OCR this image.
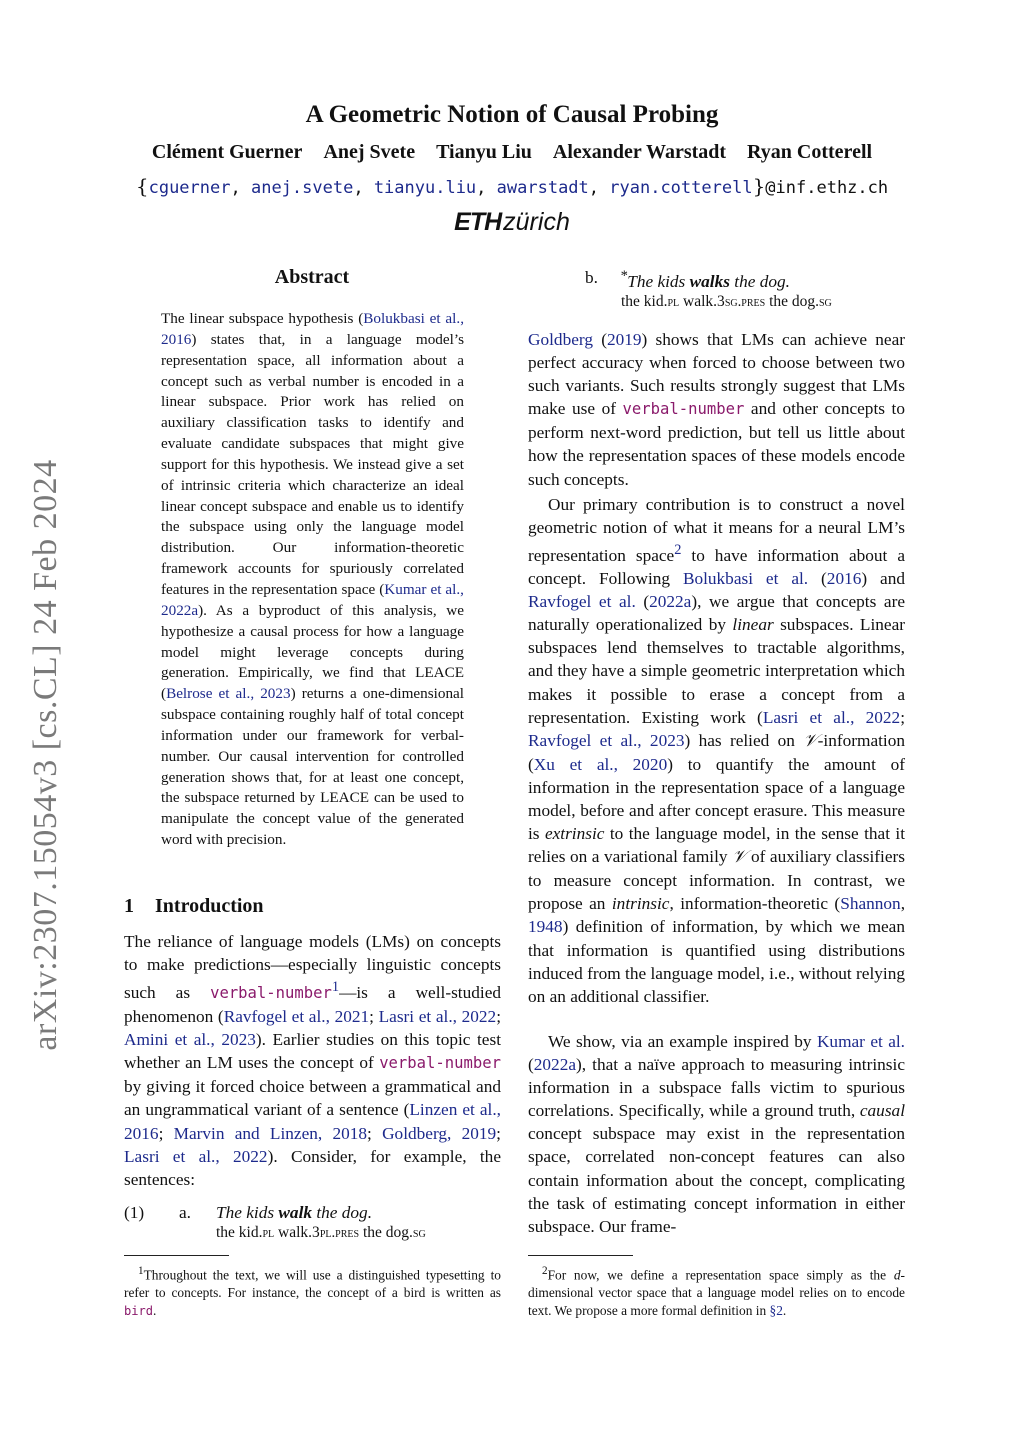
arXiv:2307.15054v3 [cs.CL] 24 Feb 2024
A Geometric Notion of Causal Probing
Clément Guerner Anej Svete Tianyu Liu Alexander Warstadt Ryan Cotterell
{cguerner, anej.svete, tianyu.liu, awarstadt, ryan.cotterell}@inf.ethz.ch
ETHzürich
Abstract
The linear subspace hypothesis (Bolukbasi et al., 2016) states that, in a language model’s representation space, all information about a concept such as verbal number is encoded in a linear subspace. Prior work has relied on auxiliary classification tasks to identify and evaluate candidate subspaces that might give support for this hypothesis. We instead give a set of intrinsic criteria which characterize an ideal linear concept subspace and enable us to identify the subspace using only the language model distribution. Our information-theoretic framework accounts for spuriously correlated features in the representation space (Kumar et al., 2022a). As a byproduct of this analysis, we hypothesize a causal process for how a language model might leverage concepts during generation. Empirically, we find that LEACE (Belrose et al., 2023) returns a one-dimensional subspace containing roughly half of total concept information under our framework for verbal-number. Our causal intervention for controlled generation shows that, for at least one concept, the subspace returned by LEACE can be used to manipulate the concept value of the generated word with precision.
1 Introduction
The reliance of language models (LMs) on concepts to make predictions—especially linguistic concepts such as verbal-number$^1$—is a well-studied phenomenon (Ravfogel et al., 2021; Lasri et al., 2022; Amini et al., 2023). Earlier studies on this topic test whether an LM uses the concept of verbal-number by giving it forced choice between a grammatical and an ungrammatical variant of a sentence (Linzen et al., 2016; Marvin and Linzen, 2018; Goldberg, 2019; Lasri et al., 2022). Consider, for example, the sentences:
(1)	a.	The kids walk the dog.
the kid.pl walk.3pl.pres the dog.sg
$^1$Throughout the text, we will use a distinguished typesetting to refer to concepts. For instance, the concept of a bird is written as bird.
b.	*The kids walks the dog.
the kid.pl walk.3sg.pres the dog.sg
Goldberg (2019) shows that LMs can achieve near perfect accuracy when forced to choose between two such variants. Such results strongly suggest that LMs make use of verbal-number and other concepts to perform next-word prediction, but tell us little about how the representation spaces of these models encode such concepts.
Our primary contribution is to construct a novel geometric notion of what it means for a neural LM’s representation space$^2$ to have information about a concept. Following Bolukbasi et al. (2016) and Ravfogel et al. (2022a), we argue that concepts are naturally operationalized by linear subspaces. Linear subspaces lend themselves to tractable algorithms, and they have a simple geometric interpretation which makes it possible to erase a concept from a representation. Existing work (Lasri et al., 2022; Ravfogel et al., 2023) has relied on 𝒱-information (Xu et al., 2020) to quantify the amount of information in the representation space of a language model, before and after concept erasure. This measure is extrinsic to the language model, in the sense that it relies on a variational family 𝒱 of auxiliary classifiers to measure concept information. In contrast, we propose an intrinsic, information-theoretic (Shannon, 1948) definition of information, by which we mean that information is quantified using distributions induced from the language model, i.e., without relying on an additional classifier.
We show, via an example inspired by Kumar et al. (2022a), that a naïve approach to measuring intrinsic information in a subspace falls victim to spurious correlations. Specifically, while a ground truth, causal concept subspace may exist in the representation space, correlated non-concept features can also contain information about the concept, complicating the task of estimating concept information in either subspace. Our frame-
$^2$For now, we define a representation space simply as the d-dimensional vector space that a language model relies on to encode text. We propose a more formal definition in §2.
